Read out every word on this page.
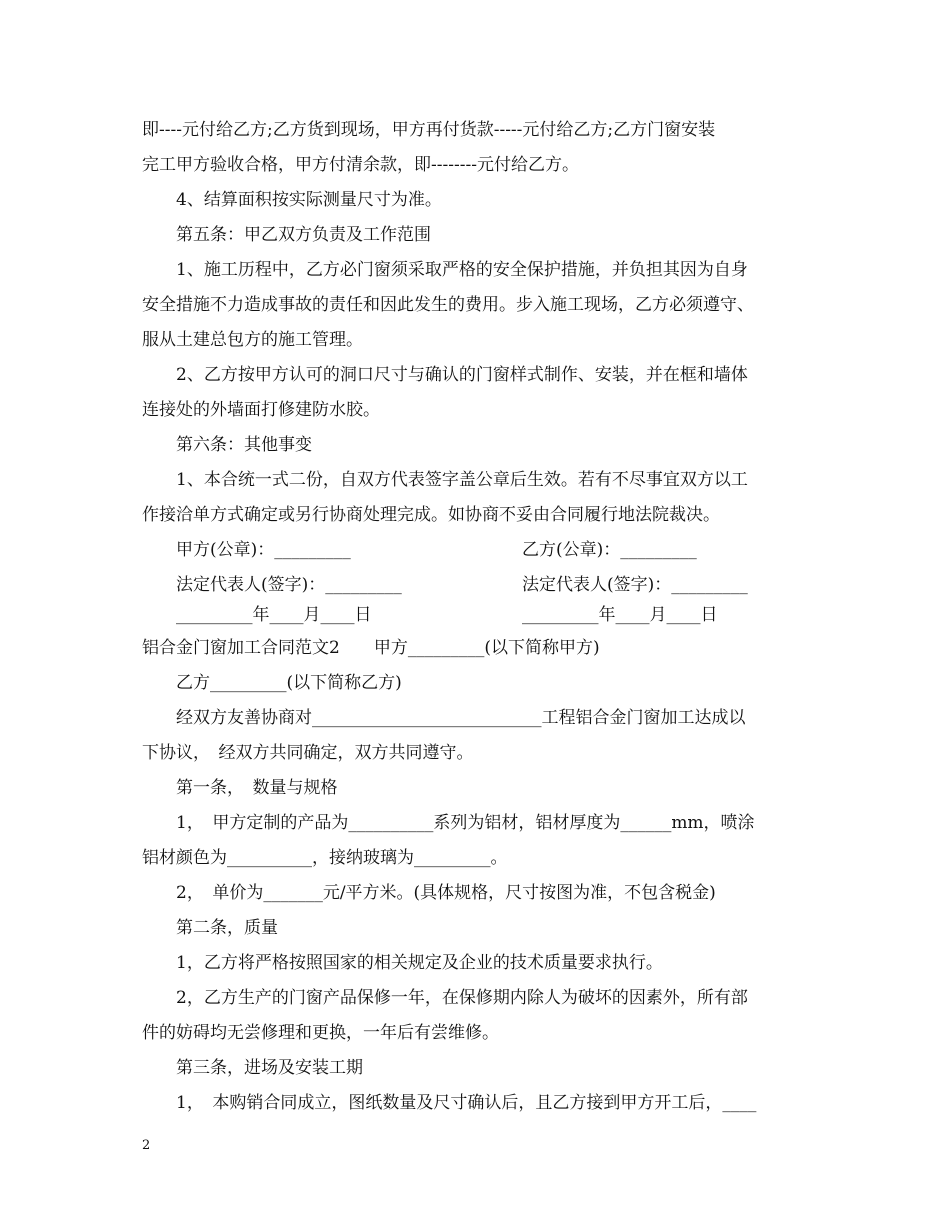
即----元付给乙方;乙方货到现场，甲方再付货款-----元付给乙方;乙方门窗安装
完工甲方验收合格，甲方付清余款，即--------元付给乙方。
4、结算面积按实际测量尺寸为准。
第五条：甲乙双方负责及工作范围
1、施工历程中，乙方必门窗须采取严格的安全保护措施，并负担其因为自身
安全措施不力造成事故的责任和因此发生的费用。步入施工现场，乙方必须遵守、
服从土建总包方的施工管理。
2、乙方按甲方认可的洞口尺寸与确认的门窗样式制作、安装，并在框和墙体
连接处的外墙面打修建防水胶。
第六条：其他事变
1、本合统一式二份，自双方代表签字盖公章后生效。若有不尽事宜双方以工
作接洽单方式确定或另行协商处理完成。如协商不妥由合同履行地法院裁决。
甲方(公章)：_________	乙方(公章)：_________
法定代表人(签字)：_________	法定代表人(签字)：_________
_________年____月____日	_________年____月____日
铝合金门窗加工合同范文2　　甲方_________(以下简称甲方)
乙方_________(以下简称乙方)
经双方友善协商对___________________________工程铝合金门窗加工达成以
下协议，　经双方共同确定，双方共同遵守。
第一条，　数量与规格
1，　甲方定制的产品为__________系列为铝材，铝材厚度为______mm，喷涂
铝材颜色为__________，接纳玻璃为_________。
2，　单价为_______元/平方米。(具体规格，尺寸按图为准，不包含税金)
第二条，质量
1，乙方将严格按照国家的相关规定及企业的技术质量要求执行。
2，乙方生产的门窗产品保修一年，在保修期内除人为破坏的因素外，所有部
件的妨碍均无尝修理和更换，一年后有尝维修。
第三条，进场及安装工期
1，　本购销合同成立，图纸数量及尺寸确认后，且乙方接到甲方开工后，____
2
